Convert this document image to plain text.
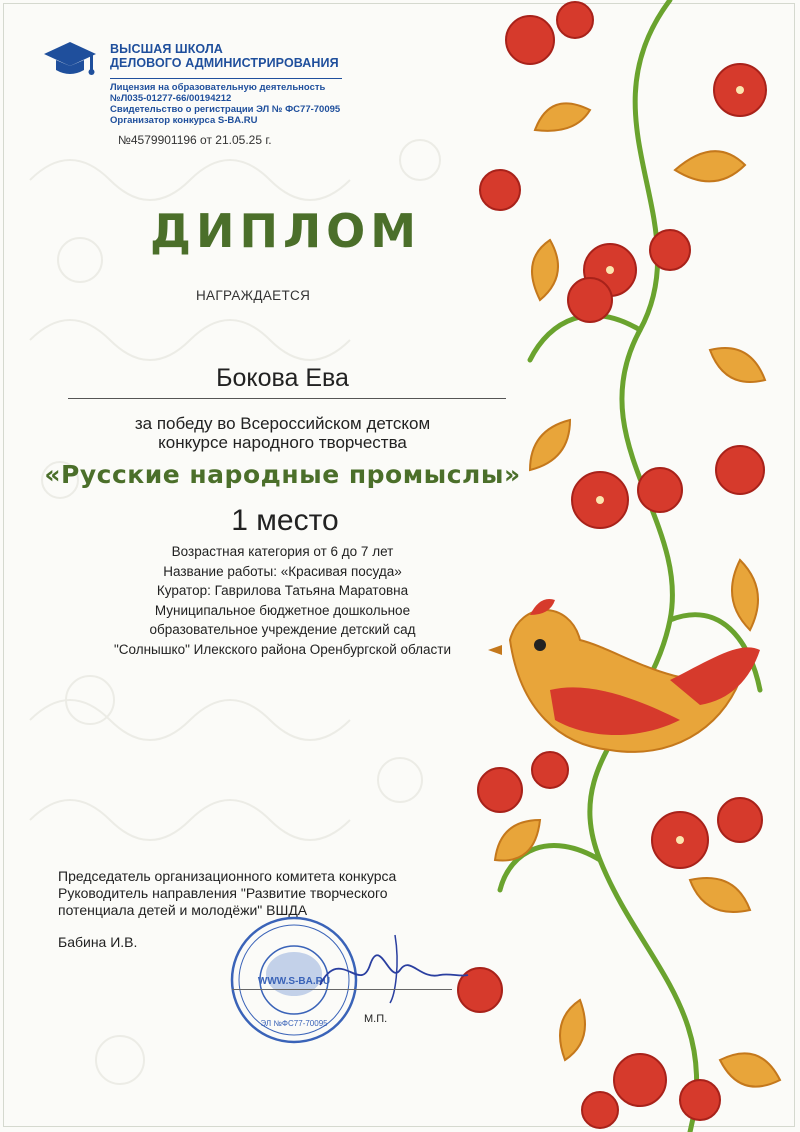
ВЫСШАЯ ШКОЛА
ДЕЛОВОГО АДМИНИСТРИРОВАНИЯ
Лицензия на образовательную деятельность
№Л035-01277-66/00194212
Свидетельство о регистрации ЭЛ № ФС77-70095
Организатор конкурса S-BA.RU
№4579901196 от 21.05.25 г.
ДИПЛОМ
НАГРАЖДАЕТСЯ
Бокова Ева
за победу во Всероссийском детском
конкурсе народного творчества
«Русские народные промыслы»
1 место
Возрастная категория от 6 до 7 лет
Название работы: «Красивая посуда»
Куратор: Гаврилова Татьяна Маратовна
Муниципальное бюджетное дошкольное
образовательное учреждение детский сад
"Солнышко" Илекского района Оренбургской области
Председатель организационного комитета конкурса
Руководитель направления "Развитие творческого
потенциала детей и молодёжи" ВШДА
Бабина И.В.
WWW.S-BA.RU
ЭЛ №ФС77-70095	М.П.
